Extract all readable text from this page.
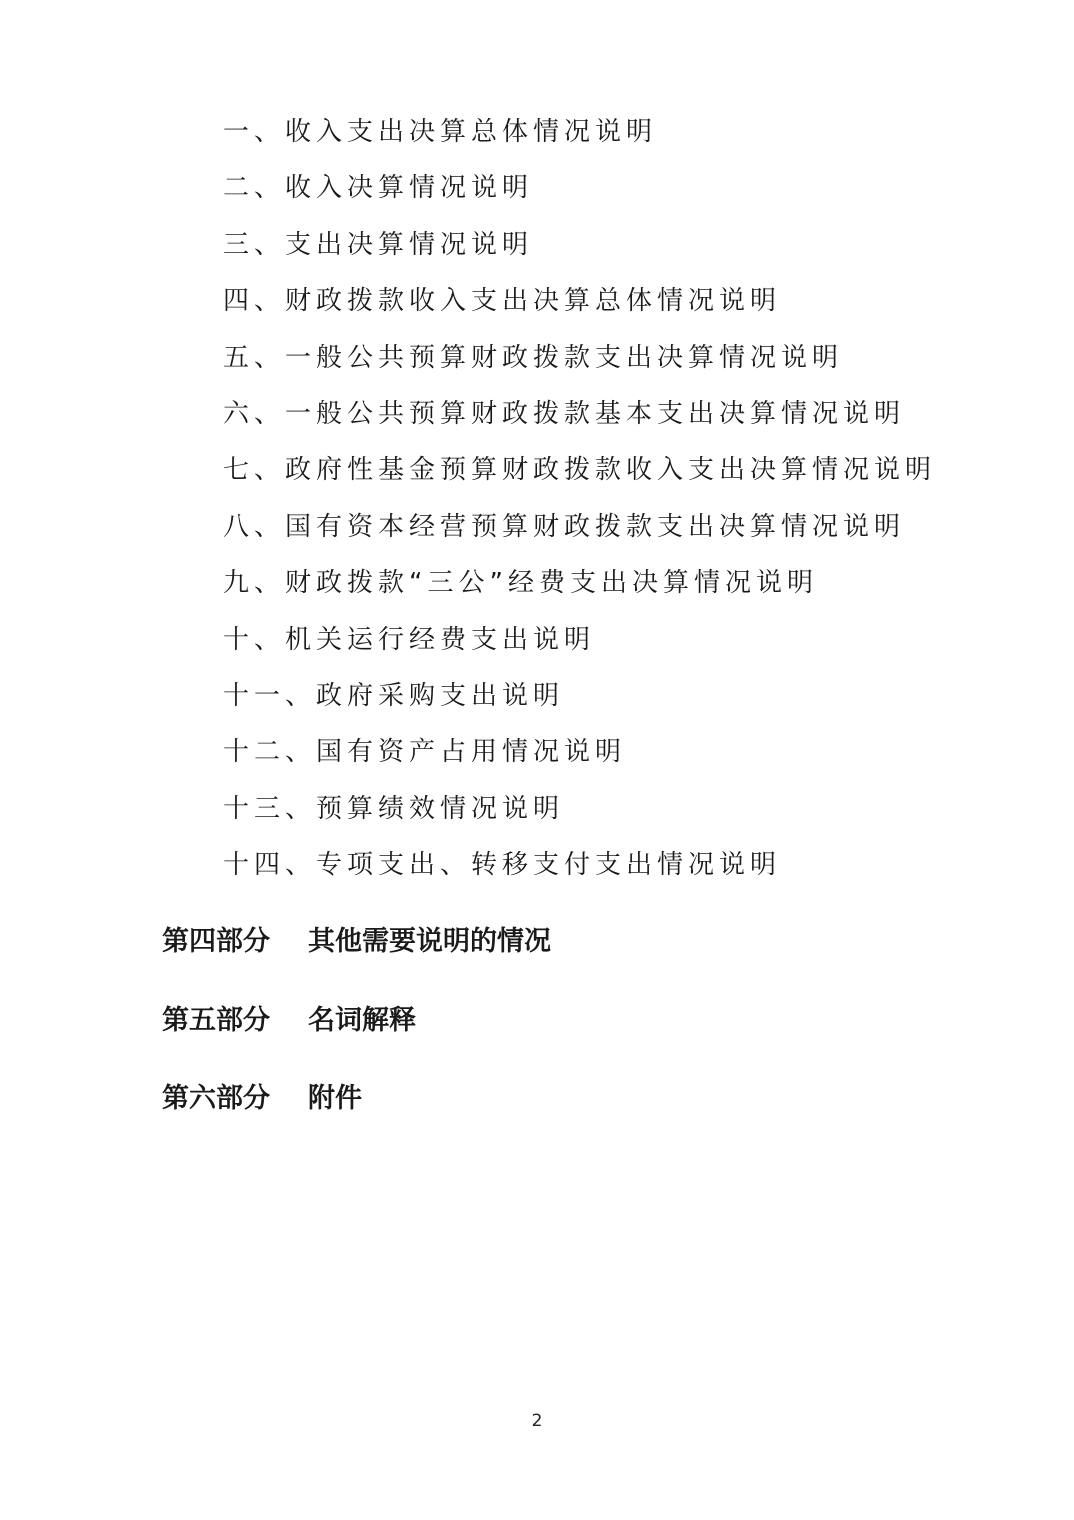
一、收入支出决算总体情况说明
二、收入决算情况说明
三、支出决算情况说明
四、财政拨款收入支出决算总体情况说明
五、一般公共预算财政拨款支出决算情况说明
六、一般公共预算财政拨款基本支出决算情况说明
七、政府性基金预算财政拨款收入支出决算情况说明
八、国有资本经营预算财政拨款支出决算情况说明
九、财政拨款“三公”经费支出决算情况说明
十、机关运行经费支出说明
十一、政府采购支出说明
十二、国有资产占用情况说明
十三、预算绩效情况说明
十四、专项支出、转移支付支出情况说明
第四部分 其他需要说明的情况
第五部分 名词解释
第六部分 附件
2
